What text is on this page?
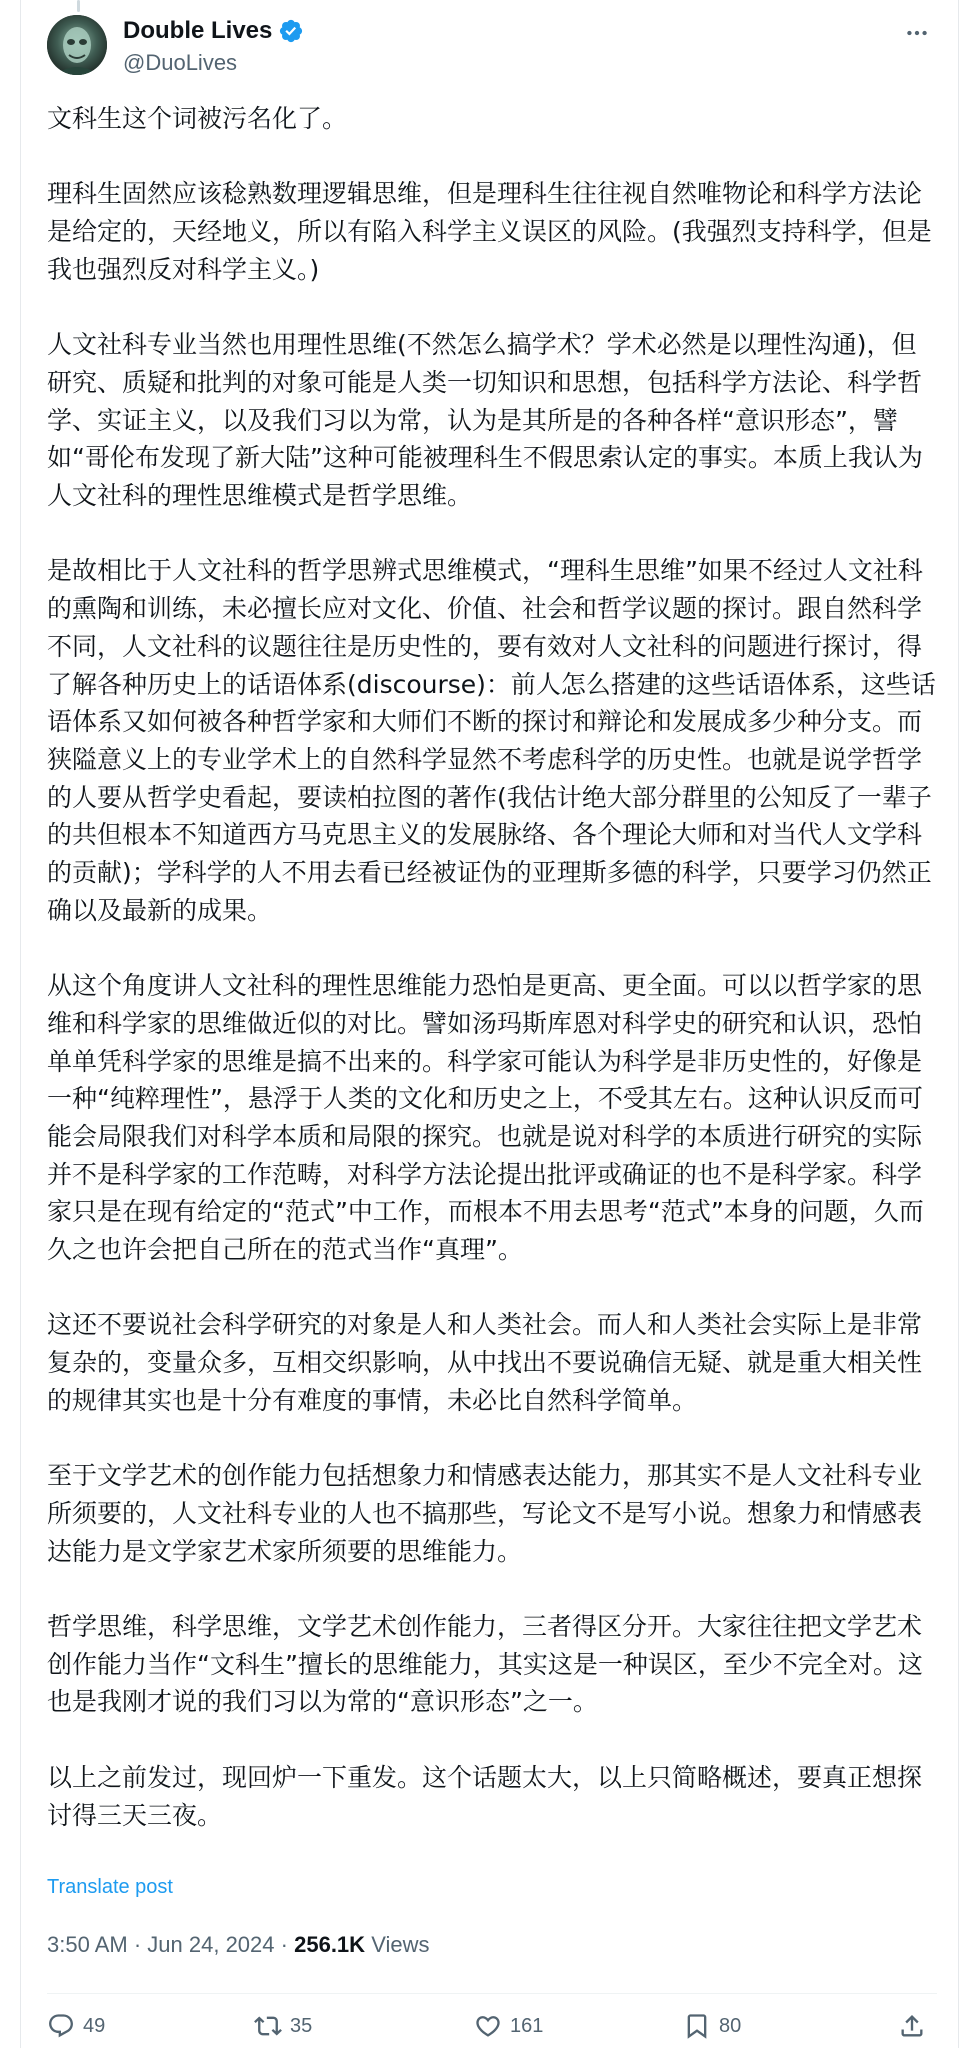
Double Lives
@DuoLives

文科生这个词被污名化了。

理科生固然应该稔熟数理逻辑思维，但是理科生往往视自然唯物论和科学方法论是给定的，天经地义，所以有陷入科学主义误区的风险。(我强烈支持科学，但是我也强烈反对科学主义。)

人文社科专业当然也用理性思维(不然怎么搞学术？学术必然是以理性沟通)，但研究、质疑和批判的对象可能是人类一切知识和思想，包括科学方法论、科学哲学、实证主义，以及我们习以为常，认为是其所是的各种各样“意识形态”，譬如“哥伦布发现了新大陆”这种可能被理科生不假思索认定的事实。本质上我认为人文社科的理性思维模式是哲学思维。

是故相比于人文社科的哲学思辨式思维模式，“理科生思维”如果不经过人文社科的熏陶和训练，未必擅长应对文化、价值、社会和哲学议题的探讨。跟自然科学不同，人文社科的议题往往是历史性的，要有效对人文社科的问题进行探讨，得了解各种历史上的话语体系(discourse)：前人怎么搭建的这些话语体系，这些话语体系又如何被各种哲学家和大师们不断的探讨和辩论和发展成多少种分支。而狭隘意义上的专业学术上的自然科学显然不考虑科学的历史性。也就是说学哲学的人要从哲学史看起，要读柏拉图的著作(我估计绝大部分群里的公知反了一辈子的共但根本不知道西方马克思主义的发展脉络、各个理论大师和对当代人文学科的贡献)；学科学的人不用去看已经被证伪的亚理斯多德的科学，只要学习仍然正确以及最新的成果。

从这个角度讲人文社科的理性思维能力恐怕是更高、更全面。可以以哲学家的思维和科学家的思维做近似的对比。譬如汤玛斯库恩对科学史的研究和认识，恐怕单单凭科学家的思维是搞不出来的。科学家可能认为科学是非历史性的，好像是一种“纯粹理性”，悬浮于人类的文化和历史之上，不受其左右。这种认识反而可能会局限我们对科学本质和局限的探究。也就是说对科学的本质进行研究的实际并不是科学家的工作范畴，对科学方法论提出批评或确证的也不是科学家。科学家只是在现有给定的“范式”中工作，而根本不用去思考“范式”本身的问题，久而久之也许会把自己所在的范式当作“真理”。

这还不要说社会科学研究的对象是人和人类社会。而人和人类社会实际上是非常复杂的，变量众多，互相交织影响，从中找出不要说确信无疑、就是重大相关性的规律其实也是十分有难度的事情，未必比自然科学简单。

至于文学艺术的创作能力包括想象力和情感表达能力，那其实不是人文社科专业所须要的，人文社科专业的人也不搞那些，写论文不是写小说。想象力和情感表达能力是文学家艺术家所须要的思维能力。

哲学思维，科学思维，文学艺术创作能力，三者得区分开。大家往往把文学艺术创作能力当作“文科生”擅长的思维能力，其实这是一种误区，至少不完全对。这也是我刚才说的我们习以为常的“意识形态”之一。

以上之前发过，现回炉一下重发。这个话题太大，以上只简略概述，要真正想探讨得三天三夜。

Translate post
3:50 AM · Jun 24, 2024 · 256.1K Views
49	35	161	80
